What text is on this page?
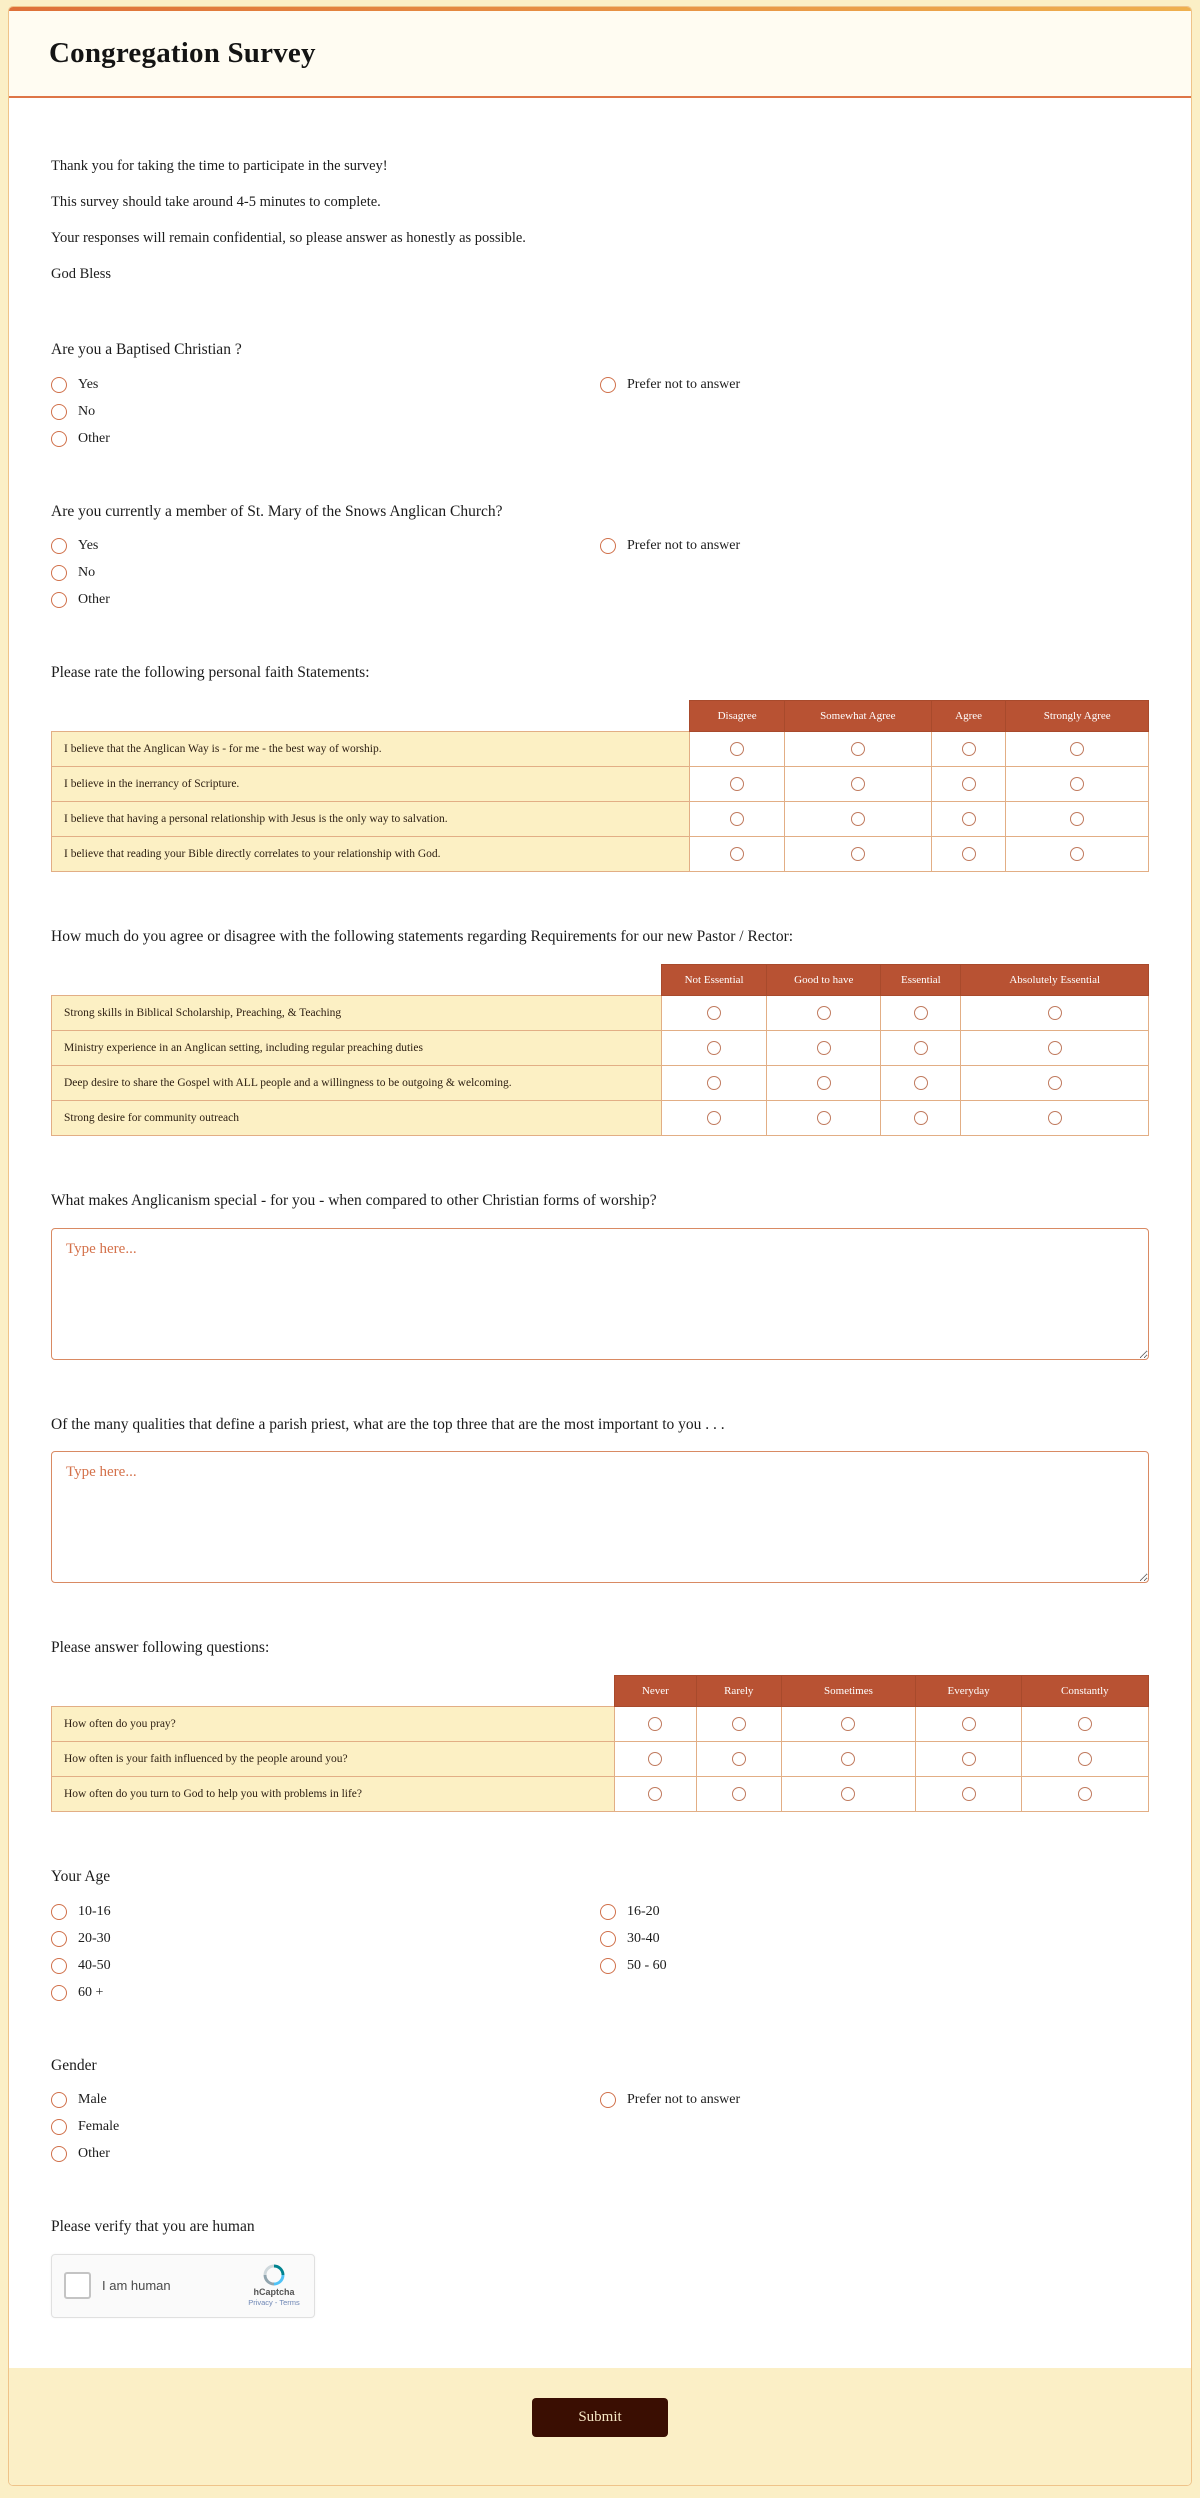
Congregation Survey

Thank you for taking the time to participate in the survey!

This survey should take around 4-5 minutes to complete.

Your responses will remain confidential, so please answer as honestly as possible.

God Bless

Are you a Baptised Christian ?
Yes
No
Other
Prefer not to answer
Are you currently a member of St. Mary of the Snows Anglican Church?
Yes
No
Other
Prefer not to answer
Please rate the following personal faith Statements:
	Disagree	Somewhat Agree	Agree	Strongly Agree
I believe that the Anglican Way is - for me - the best way of worship.				
I believe in the inerrancy of Scripture.				
I believe that having a personal relationship with Jesus is the only way to salvation.				
I believe that reading your Bible directly correlates to your relationship with God.				
How much do you agree or disagree with the following statements regarding Requirements for our new Pastor / Rector:
	Not Essential	Good to have	Essential	Absolutely Essential
Strong skills in Biblical Scholarship, Preaching, & Teaching				
Ministry experience in an Anglican setting, including regular preaching duties				
Deep desire to share the Gospel with ALL people and a willingness to be outgoing & welcoming.				
Strong desire for community outreach				
What makes Anglicanism special - for you - when compared to other Christian forms of worship?
Type here...
Of the many qualities that define a parish priest, what are the top three that are the most important to you . . .
Type here...
Please answer following questions:
	Never	Rarely	Sometimes	Everyday	Constantly
How often do you pray?					
How often is your faith influenced by the people around you?					
How often do you turn to God to help you with problems in life?					
Your Age
10-16
20-30
40-50
60 +
16-20
30-40
50 - 60
Gender
Male
Female
Other
Prefer not to answer
Please verify that you are human
I am human	hCaptcha
Privacy - Terms
Submit
